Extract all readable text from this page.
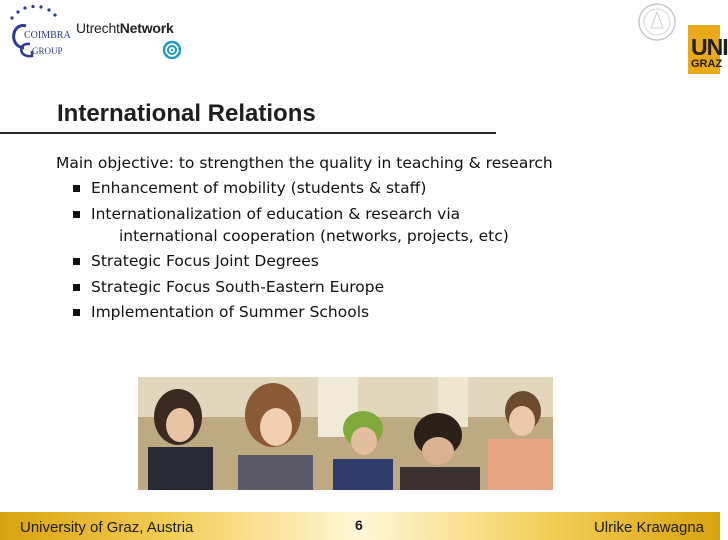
COIMBRA
GROUP
UtrechtNetwork
UNI
GRAZ
International Relations
Main objective: to strengthen the quality in teaching & research
Enhancement of mobility (students & staff)
Internationalization of education & research via
international cooperation (networks, projects, etc)
Strategic Focus Joint Degrees
Strategic Focus South-Eastern Europe
Implementation of Summer Schools
University of Graz, Austria	6	Ulrike Krawagna
